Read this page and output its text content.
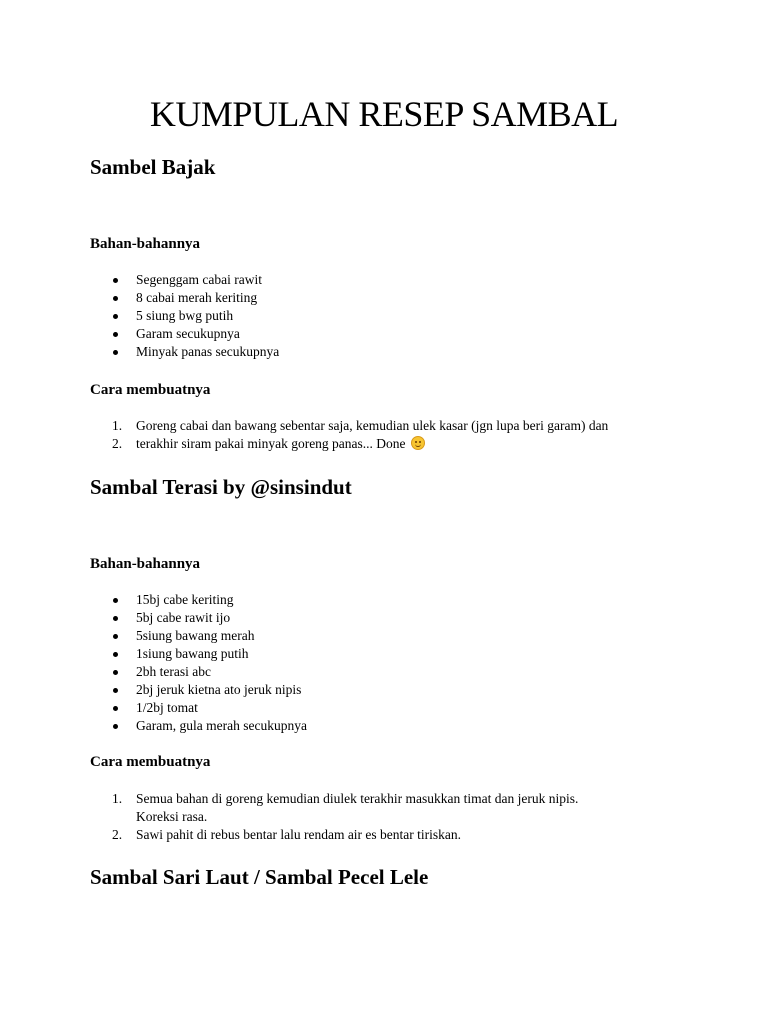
KUMPULAN RESEP SAMBAL
Sambel Bajak
Bahan-bahannya
Segenggam cabai rawit
8 cabai merah keriting
5 siung bwg putih
Garam secukupnya
Minyak panas secukupnya
Cara membuatnya
1. Goreng cabai dan bawang sebentar saja, kemudian ulek kasar (jgn lupa beri garam) dan
2. terakhir siram pakai minyak goreng panas... Done
Sambal Terasi by @sinsindut
Bahan-bahannya
15bj cabe keriting
5bj cabe rawit ijo
5siung bawang merah
1siung bawang putih
2bh terasi abc
2bj jeruk kietna ato jeruk nipis
1/2bj tomat
Garam, gula merah secukupnya
Cara membuatnya
1. Semua bahan di goreng kemudian diulek terakhir masukkan timat dan jeruk nipis.
Koreksi rasa.
2. Sawi pahit di rebus bentar lalu rendam air es bentar tiriskan.
Sambal Sari Laut / Sambal Pecel Lele
